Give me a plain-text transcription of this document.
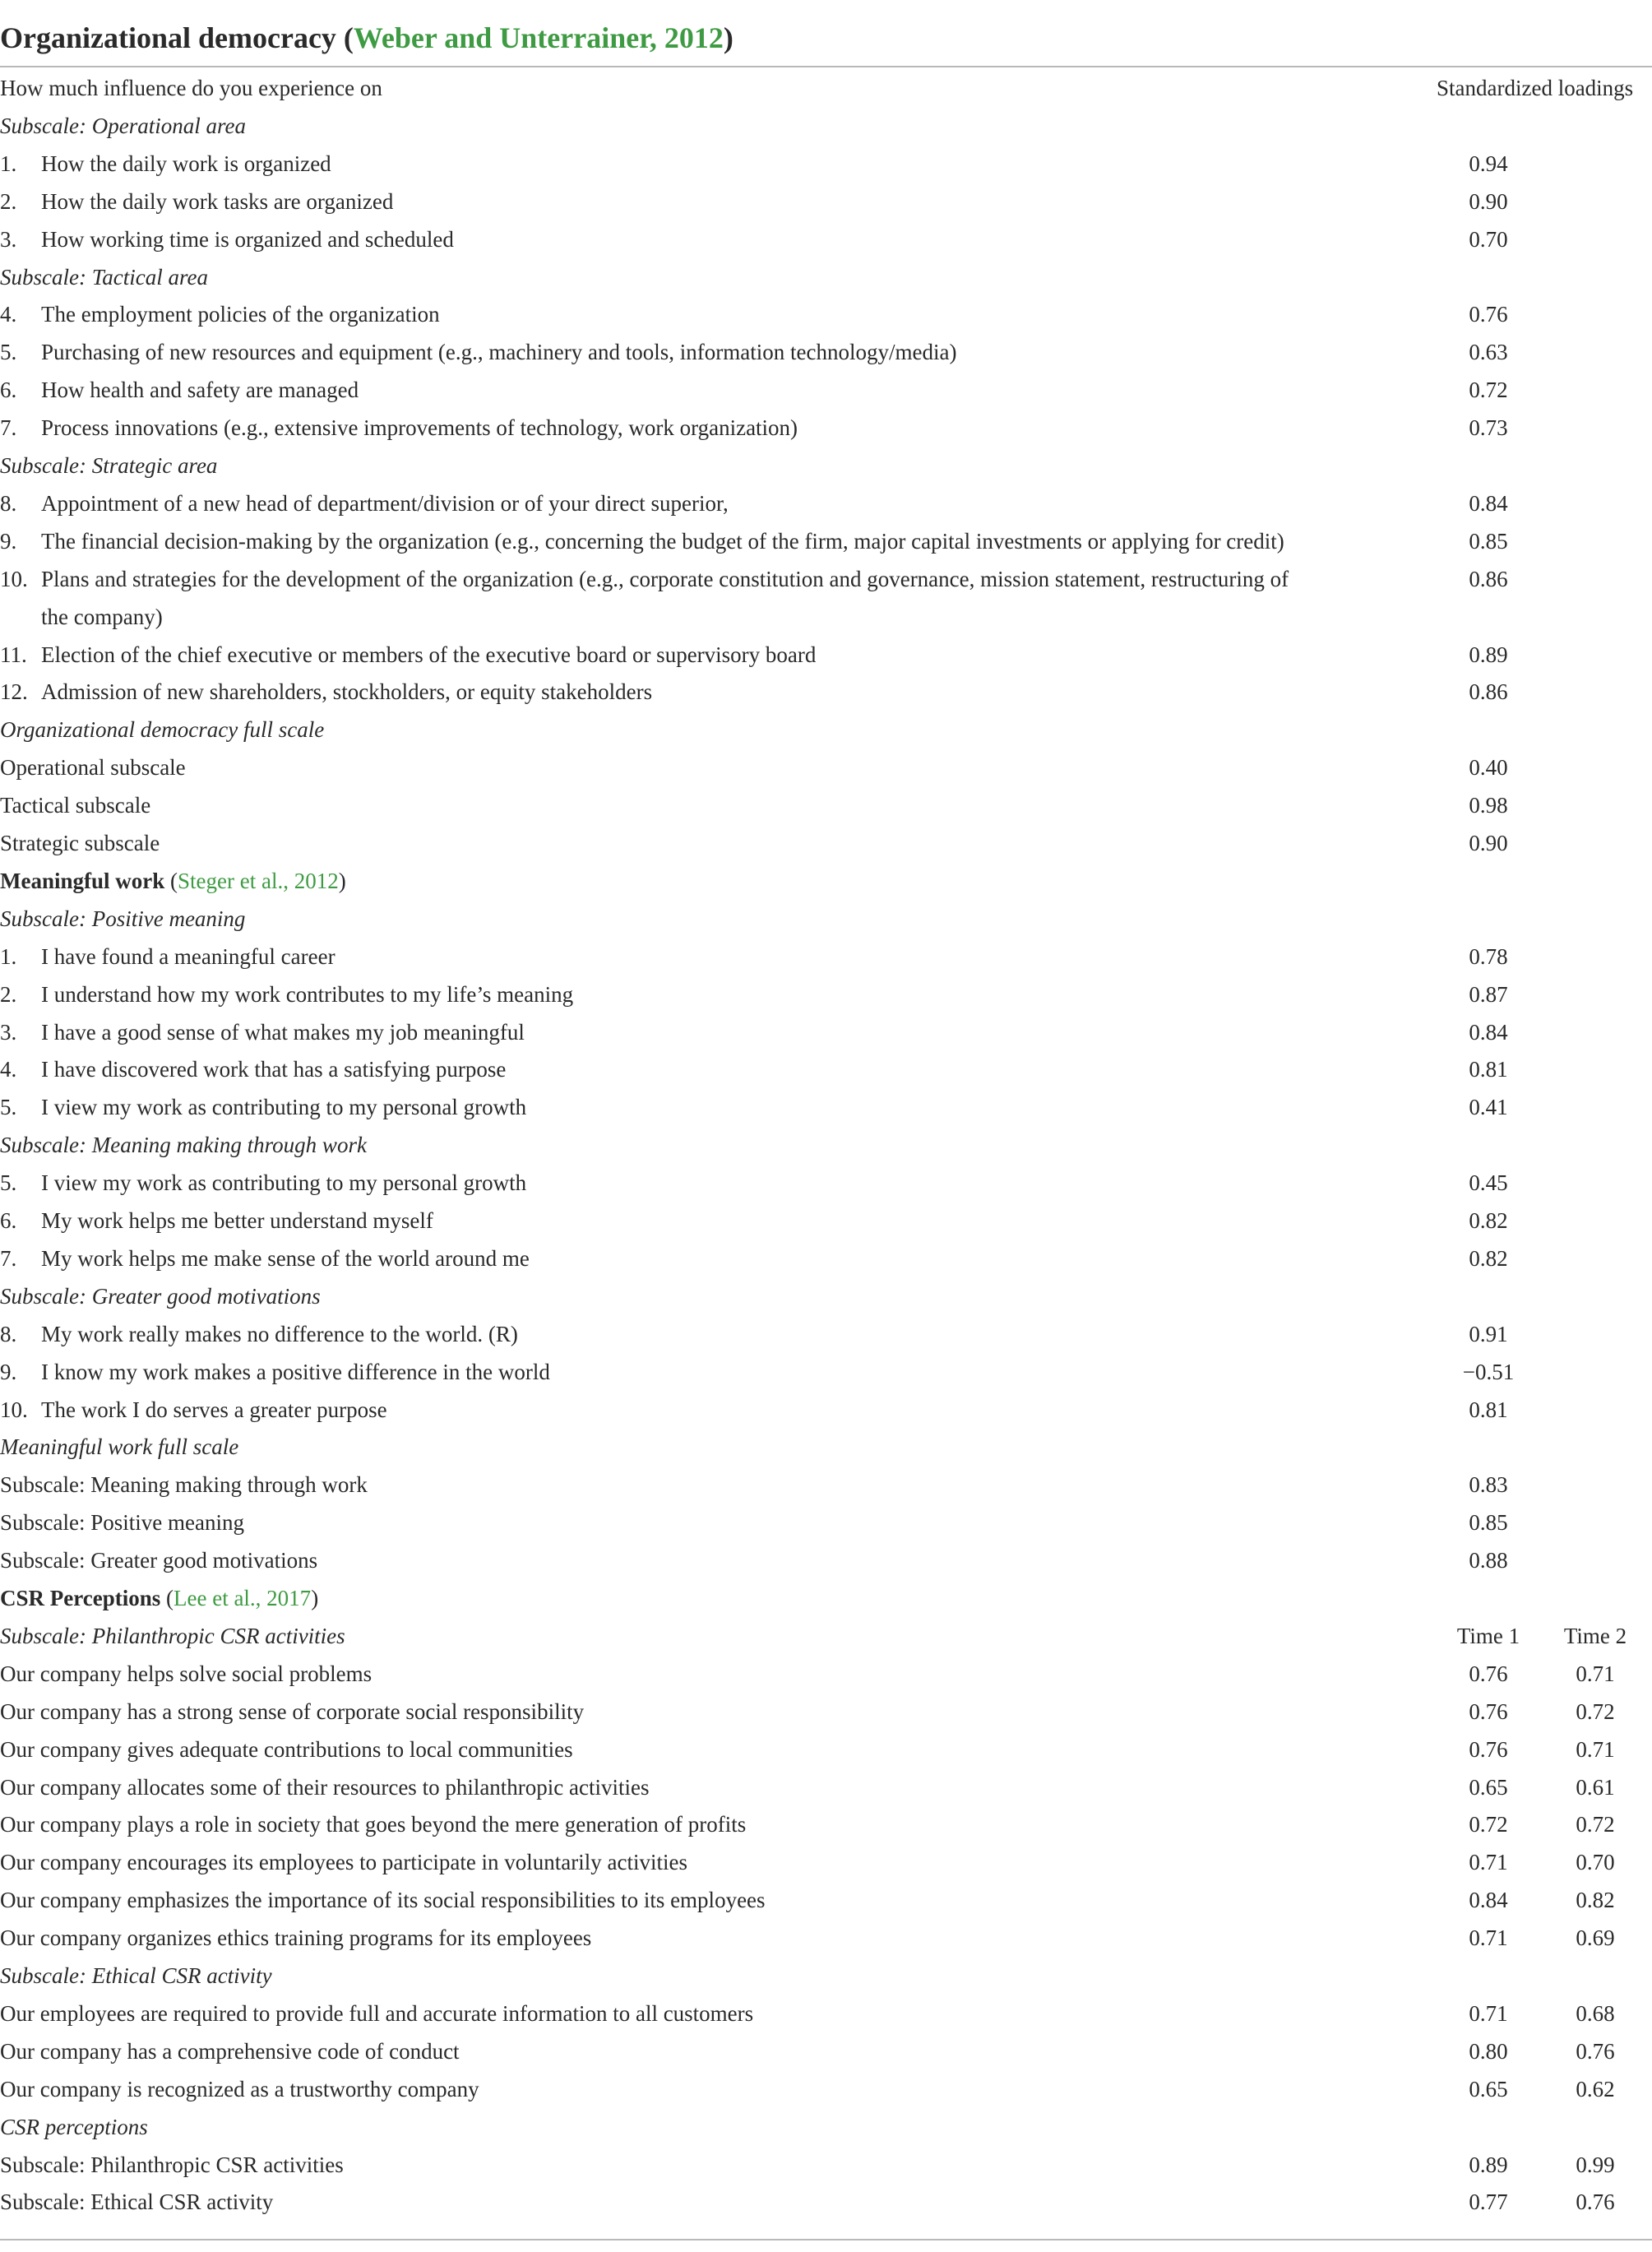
Organizational democracy (Weber and Unterrainer, 2012)
How much influence do you experience on	Standardized loadings
Subscale: Operational area
1. How the daily work is organized	0.94
2. How the daily work tasks are organized	0.90
3. How working time is organized and scheduled	0.70
Subscale: Tactical area
4. The employment policies of the organization	0.76
5. Purchasing of new resources and equipment (e.g., machinery and tools, information technology/media)	0.63
6. How health and safety are managed	0.72
7. Process innovations (e.g., extensive improvements of technology, work organization)	0.73
Subscale: Strategic area
8. Appointment of a new head of department/division or of your direct superior,	0.84
9. The financial decision-making by the organization (e.g., concerning the budget of the firm, major capital investments or applying for credit)	0.85
10. Plans and strategies for the development of the organization (e.g., corporate constitution and governance, mission statement, restructuring of	0.86
the company)
11. Election of the chief executive or members of the executive board or supervisory board	0.89
12. Admission of new shareholders, stockholders, or equity stakeholders	0.86
Organizational democracy full scale
Operational subscale	0.40
Tactical subscale	0.98
Strategic subscale	0.90
Meaningful work (Steger et al., 2012)
Subscale: Positive meaning
1. I have found a meaningful career	0.78
2. I understand how my work contributes to my life’s meaning	0.87
3. I have a good sense of what makes my job meaningful	0.84
4. I have discovered work that has a satisfying purpose	0.81
5. I view my work as contributing to my personal growth	0.41
Subscale: Meaning making through work
5. I view my work as contributing to my personal growth	0.45
6. My work helps me better understand myself	0.82
7. My work helps me make sense of the world around me	0.82
Subscale: Greater good motivations
8. My work really makes no difference to the world. (R)	0.91
9. I know my work makes a positive difference in the world	−0.51
10. The work I do serves a greater purpose	0.81
Meaningful work full scale
Subscale: Meaning making through work	0.83
Subscale: Positive meaning	0.85
Subscale: Greater good motivations	0.88
CSR Perceptions (Lee et al., 2017)
Subscale: Philanthropic CSR activities	Time 1	Time 2
Our company helps solve social problems	0.76	0.71
Our company has a strong sense of corporate social responsibility	0.76	0.72
Our company gives adequate contributions to local communities	0.76	0.71
Our company allocates some of their resources to philanthropic activities	0.65	0.61
Our company plays a role in society that goes beyond the mere generation of profits	0.72	0.72
Our company encourages its employees to participate in voluntarily activities	0.71	0.70
Our company emphasizes the importance of its social responsibilities to its employees	0.84	0.82
Our company organizes ethics training programs for its employees	0.71	0.69
Subscale: Ethical CSR activity
Our employees are required to provide full and accurate information to all customers	0.71	0.68
Our company has a comprehensive code of conduct	0.80	0.76
Our company is recognized as a trustworthy company	0.65	0.62
CSR perceptions
Subscale: Philanthropic CSR activities	0.89	0.99
Subscale: Ethical CSR activity	0.77	0.76
